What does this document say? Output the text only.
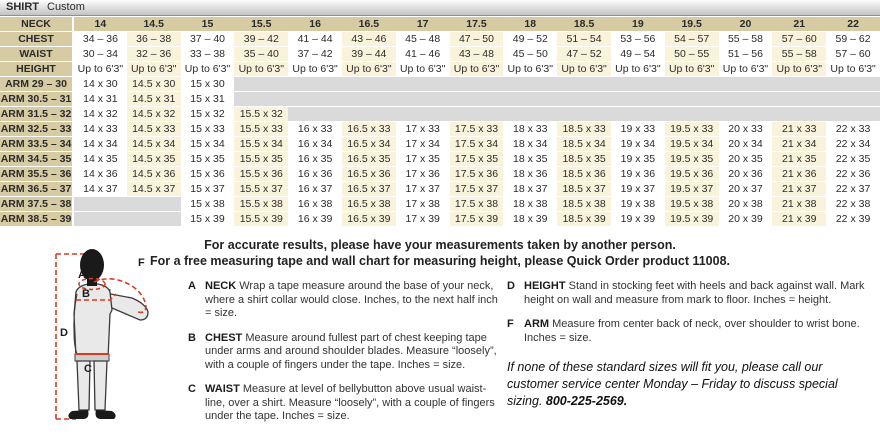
SHIRT Custom
NECK	14	14.5	15	15.5	16	16.5	17	17.5	18	18.5	19	19.5	20	21	22
CHEST	34 – 36	36 – 38	37 – 40	39 – 42	41 – 44	43 – 46	45 – 48	47 – 50	49 – 52	51 – 54	53 – 56	54 – 57	55 – 58	57 – 60	59 – 62
WAIST	30 – 34	32 – 36	33 – 38	35 – 40	37 – 42	39 – 44	41 – 46	43 – 48	45 – 50	47 – 52	49 – 54	50 – 55	51 – 56	55 – 58	57 – 60
HEIGHT	Up to 6'3"	Up to 6'3"	Up to 6'3"	Up to 6'3"	Up to 6'3"	Up to 6'3"	Up to 6'3"	Up to 6'3"	Up to 6'3"	Up to 6'3"	Up to 6'3"	Up to 6'3"	Up to 6'3"	Up to 6'3"	Up to 6'3"
ARM 29 – 30	14 x 30	14.5 x 30	15 x 30												
ARM 30.5 – 31	14 x 31	14.5 x 31	15 x 31												
ARM 31.5 – 32	14 x 32	14.5 x 32	15 x 32	15.5 x 32											
ARM 32.5 – 33	14 x 33	14.5 x 33	15 x 33	15.5 x 33	16 x 33	16.5 x 33	17 x 33	17.5 x 33	18 x 33	18.5 x 33	19 x 33	19.5 x 33	20 x 33	21 x 33	22 x 33
ARM 33.5 – 34	14 x 34	14.5 x 34	15 x 34	15.5 x 34	16 x 34	16.5 x 34	17 x 34	17.5 x 34	18 x 34	18.5 x 34	19 x 34	19.5 x 34	20 x 34	21 x 34	22 x 34
ARM 34.5 – 35	14 x 35	14.5 x 35	15 x 35	15.5 x 35	16 x 35	16.5 x 35	17 x 35	17.5 x 35	18 x 35	18.5 x 35	19 x 35	19.5 x 35	20 x 35	21 x 35	22 x 35
ARM 35.5 – 36	14 x 36	14.5 x 36	15 x 36	15.5 x 36	16 x 36	16.5 x 36	17 x 36	17.5 x 36	18 x 36	18.5 x 36	19 x 36	19.5 x 36	20 x 36	21 x 36	22 x 36
ARM 36.5 – 37	14 x 37	14.5 x 37	15 x 37	15.5 x 37	16 x 37	16.5 x 37	17 x 37	17.5 x 37	18 x 37	18.5 x 37	19 x 37	19.5 x 37	20 x 37	21 x 37	22 x 37
ARM 37.5 – 38			15 x 38	15.5 x 38	16 x 38	16.5 x 38	17 x 38	17.5 x 38	18 x 38	18.5 x 38	19 x 38	19.5 x 38	20 x 38	21 x 38	22 x 38
ARM 38.5 – 39			15 x 39	15.5 x 39	16 x 39	16.5 x 39	17 x 39	17.5 x 39	18 x 39	18.5 x 39	19 x 39	19.5 x 39	20 x 39	21 x 39	22 x 39
For accurate results, please have your measurements taken by another person.
For a free measuring tape and wall chart for measuring height, please Quick Order product 11008.
A
B
C
D
F
A NECK Wrap a tape measure around the base of your neck, where a shirt collar would close. Inches, to the next half inch = size.
B CHEST Measure around fullest part of chest keeping tape under arms and around shoulder blades. Measure “loosely”, with a couple of fingers under the tape. Inches = size.
C WAIST Measure at level of bellybutton above usual waist-line, over a shirt. Measure “loosely”, with a couple of fingers under the tape. Inches = size.
D HEIGHT Stand in stocking feet with heels and back against wall. Mark height on wall and measure from mark to floor. Inches = height.
F ARM Measure from center back of neck, over shoulder to wrist bone. Inches = size.
If none of these standard sizes will fit you, please call our customer service center Monday – Friday to discuss special sizing. 800-225-2569.
